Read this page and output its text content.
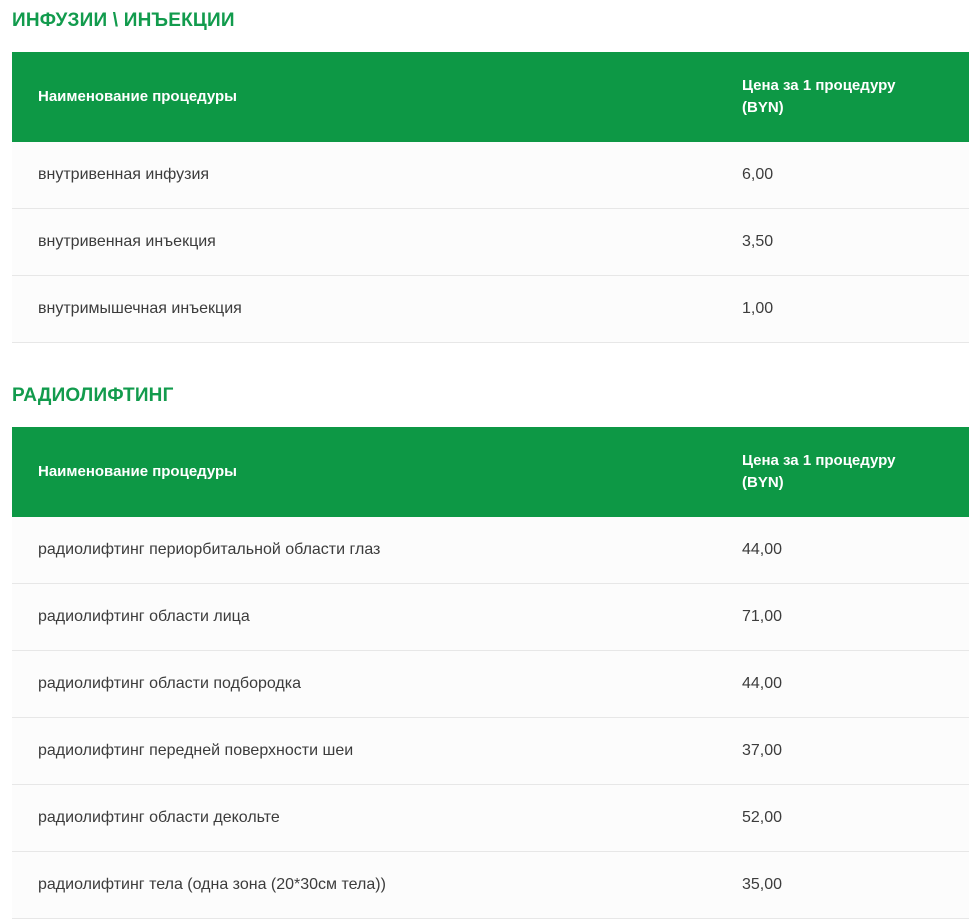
ИНФУЗИИ \ ИНЪЕКЦИИ
Наименование процедуры	Цена за 1 процедуру (BYN)
внутривенная инфузия	6,00
внутривенная инъекция	3,50
внутримышечная инъекция	1,00
РАДИОЛИФТИНГ
Наименование процедуры	Цена за 1 процедуру (BYN)
радиолифтинг периорбитальной области глаз	44,00
радиолифтинг области лица	71,00
радиолифтинг области подбородка	44,00
радиолифтинг передней поверхности шеи	37,00
радиолифтинг области декольте	52,00
радиолифтинг тела (одна зона (20*30см тела))	35,00
